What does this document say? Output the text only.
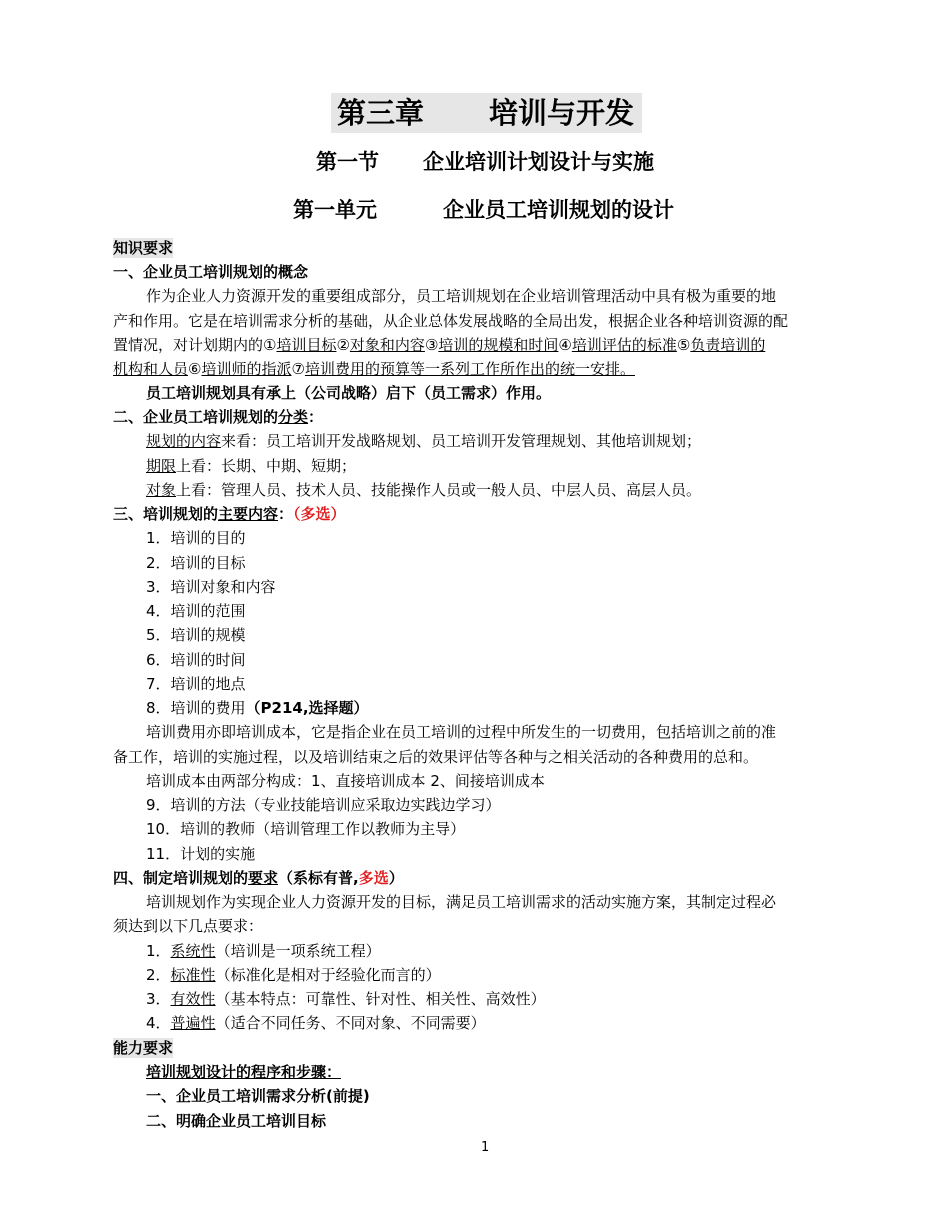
第三章 培训与开发
第一节 企业培训计划设计与实施
第一单元	企业员工培训规划的设计
知识要求
一、企业员工培训规划的概念
作为企业人力资源开发的重要组成部分，员工培训规划在企业培训管理活动中具有极为重要的地
产和作用。它是在培训需求分析的基础，从企业总体发展战略的全局出发，根据企业各种培训资源的配
置情况，对计划期内的①培训目标②对象和内容③培训的规模和时间④培训评估的标准⑤负责培训的
机构和人员⑥培训师的指派⑦培训费用的预算等一系列工作所作出的统一安排。
员工培训规划具有承上（公司战略）启下（员工需求）作用。
二、企业员工培训规划的分类：
规划的内容来看：员工培训开发战略规划、员工培训开发管理规划、其他培训规划；
期限上看：长期、中期、短期；
对象上看：管理人员、技术人员、技能操作人员或一般人员、中层人员、高层人员。
三、培训规划的主要内容：（多选）
1．培训的目的
2．培训的目标
3．培训对象和内容
4．培训的范围
5．培训的规模
6．培训的时间
7．培训的地点
8．培训的费用（P214,选择题）
培训费用亦即培训成本，它是指企业在员工培训的过程中所发生的一切费用，包括培训之前的准
备工作，培训的实施过程，以及培训结束之后的效果评估等各种与之相关活动的各种费用的总和。
培训成本由两部分构成：1、直接培训成本 2、间接培训成本
9．培训的方法（专业技能培训应采取边实践边学习）
10．培训的教师（培训管理工作以教师为主导）
11．计划的实施
四、制定培训规划的要求（系标有普,多选）
培训规划作为实现企业人力资源开发的目标，满足员工培训需求的活动实施方案，其制定过程必
须达到以下几点要求：
1．系统性（培训是一项系统工程）
2．标准性（标准化是相对于经验化而言的）
3．有效性（基本特点：可靠性、针对性、相关性、高效性）
4．普遍性（适合不同任务、不同对象、不同需要）
能力要求
培训规划设计的程序和步骤：
一、企业员工培训需求分析(前提)
二、明确企业员工培训目标
1
